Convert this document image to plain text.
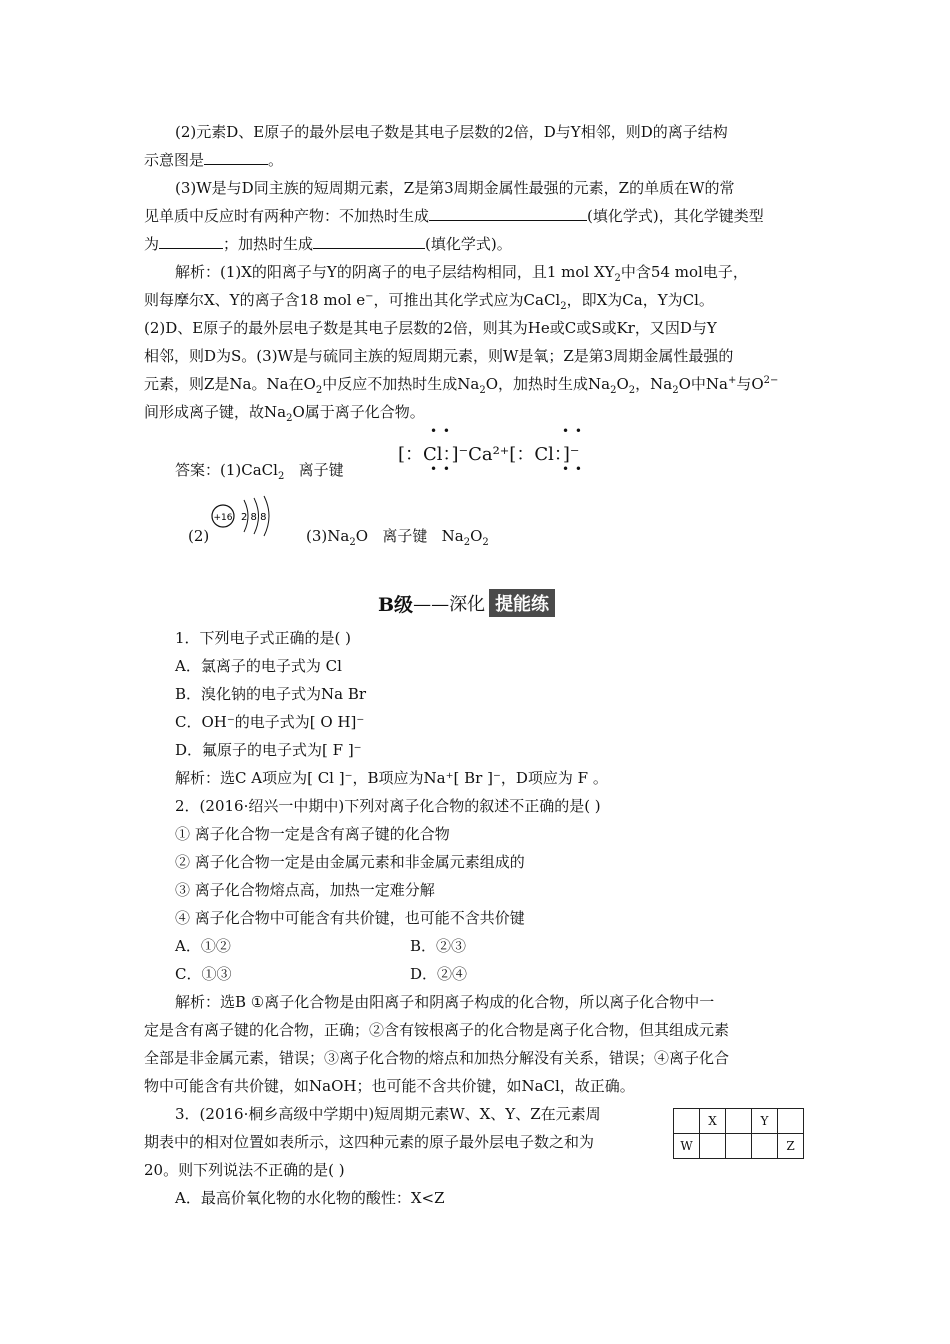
(2)元素D、E原子的最外层电子数是其电子层数的2倍，D与Y相邻，则D的离子结构
示意图是	。
(3)W是与D同主族的短周期元素，Z是第3周期金属性最强的元素，Z的单质在W的常
见单质中反应时有两种产物：不加热时生成	(填化学式)，其化学键类型
为	；加热时生成	(填化学式)。
解析：(1)X的阳离子与Y的阴离子的电子层结构相同，且1 mol $XY_2$中含54 mol电子，
则每摩尔X、Y的离子含18 mol e−，可推出其化学式应为CaCl$_2$，即X为Ca，Y为Cl。
(2)D、E原子的最外层电子数是其电子层数的2倍，则其为He或C或S或Kr，又因D与Y
相邻，则D为S。(3)W是与硫同主族的短周期元素，则W是氧；Z是第3周期金属性最强的
元素，则Z是Na。Na在$O_2$中反应不加热时生成$Na_2O$，加热时生成$Na_2O_2$，$Na_2O$中Na+与$O^{2-}$
间形成离子键，故$Na_2O$属于离子化合物。
• •	• •
[：Cl：]⁻Ca²⁺[：Cl：]⁻
• •	• •
答案：(1)CaCl$_2$ 离子键
+16 2 8 8
(2)	$(3)Na_2O$ 离子键 $Na_2O_2$
B级 ——深化 提能练
1．下列电子式正确的是( )
A．氯离子的电子式为 Cl
B．溴化钠的电子式为Na Br
C．OH⁻的电子式为[ O H]⁻
D．氟原子的电子式为[ F ]⁻
解析：选C A项应为[ Cl ]⁻，B项应为Na⁺[ Br ]⁻，D项应为 F 。
2．(2016·绍兴一中期中)下列对离子化合物的叙述不正确的是( )
① 离子化合物一定是含有离子键的化合物
② 离子化合物一定是由金属元素和非金属元素组成的
③ 离子化合物熔点高，加热一定难分解
④ 离子化合物中可能含有共价键，也可能不含共价键
A．①②	B．②③
C．①③	D．②④
解析：选B ①离子化合物是由阳离子和阴离子构成的化合物，所以离子化合物中一
定是含有离子键的化合物，正确；②含有铵根离子的化合物是离子化合物，但其组成元素
全部是非金属元素，错误；③离子化合物的熔点和加热分解没有关系，错误；④离子化合
物中可能含有共价键，如NaOH；也可能不含共价键，如NaCl，故正确。
3．(2016·桐乡高级中学期中)短周期元素W、X、Y、Z在元素周
期表中的相对位置如表所示，这四种元素的原子最外层电子数之和为
20。则下列说法不正确的是( )
A．最高价氧化物的水化物的酸性：X<Z
	X		Y	
W				Z
